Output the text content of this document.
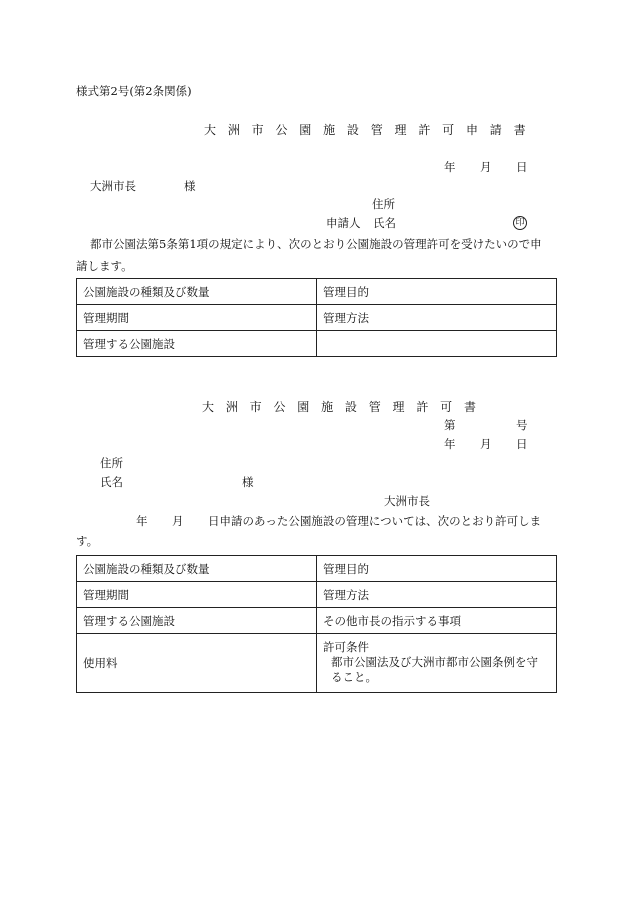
様式第2号(第2条関係)
大 洲 市 公 園 施 設 管 理 許 可 申 請 書
年 月 日
大洲市長	様
住所
申請人 氏名	印
都市公園法第5条第1項の規定により、次のとおり公園施設の管理許可を受けたいので申
請します。
公園施設の種類及び数量	管理目的
管理期間	管理方法
管理する公園施設	
大 洲 市 公 園 施 設 管 理 許 可 書
第	号
年 月 日
住所
氏名	様
大洲市長
年 月 日申請のあった公園施設の管理については、次のとおり許可しま
す。
公園施設の種類及び数量	管理目的
管理期間	管理方法
管理する公園施設	その他市長の指示する事項
使用料	許可条件
都市公園法及び大洲市都市公園条例を守
ること。
